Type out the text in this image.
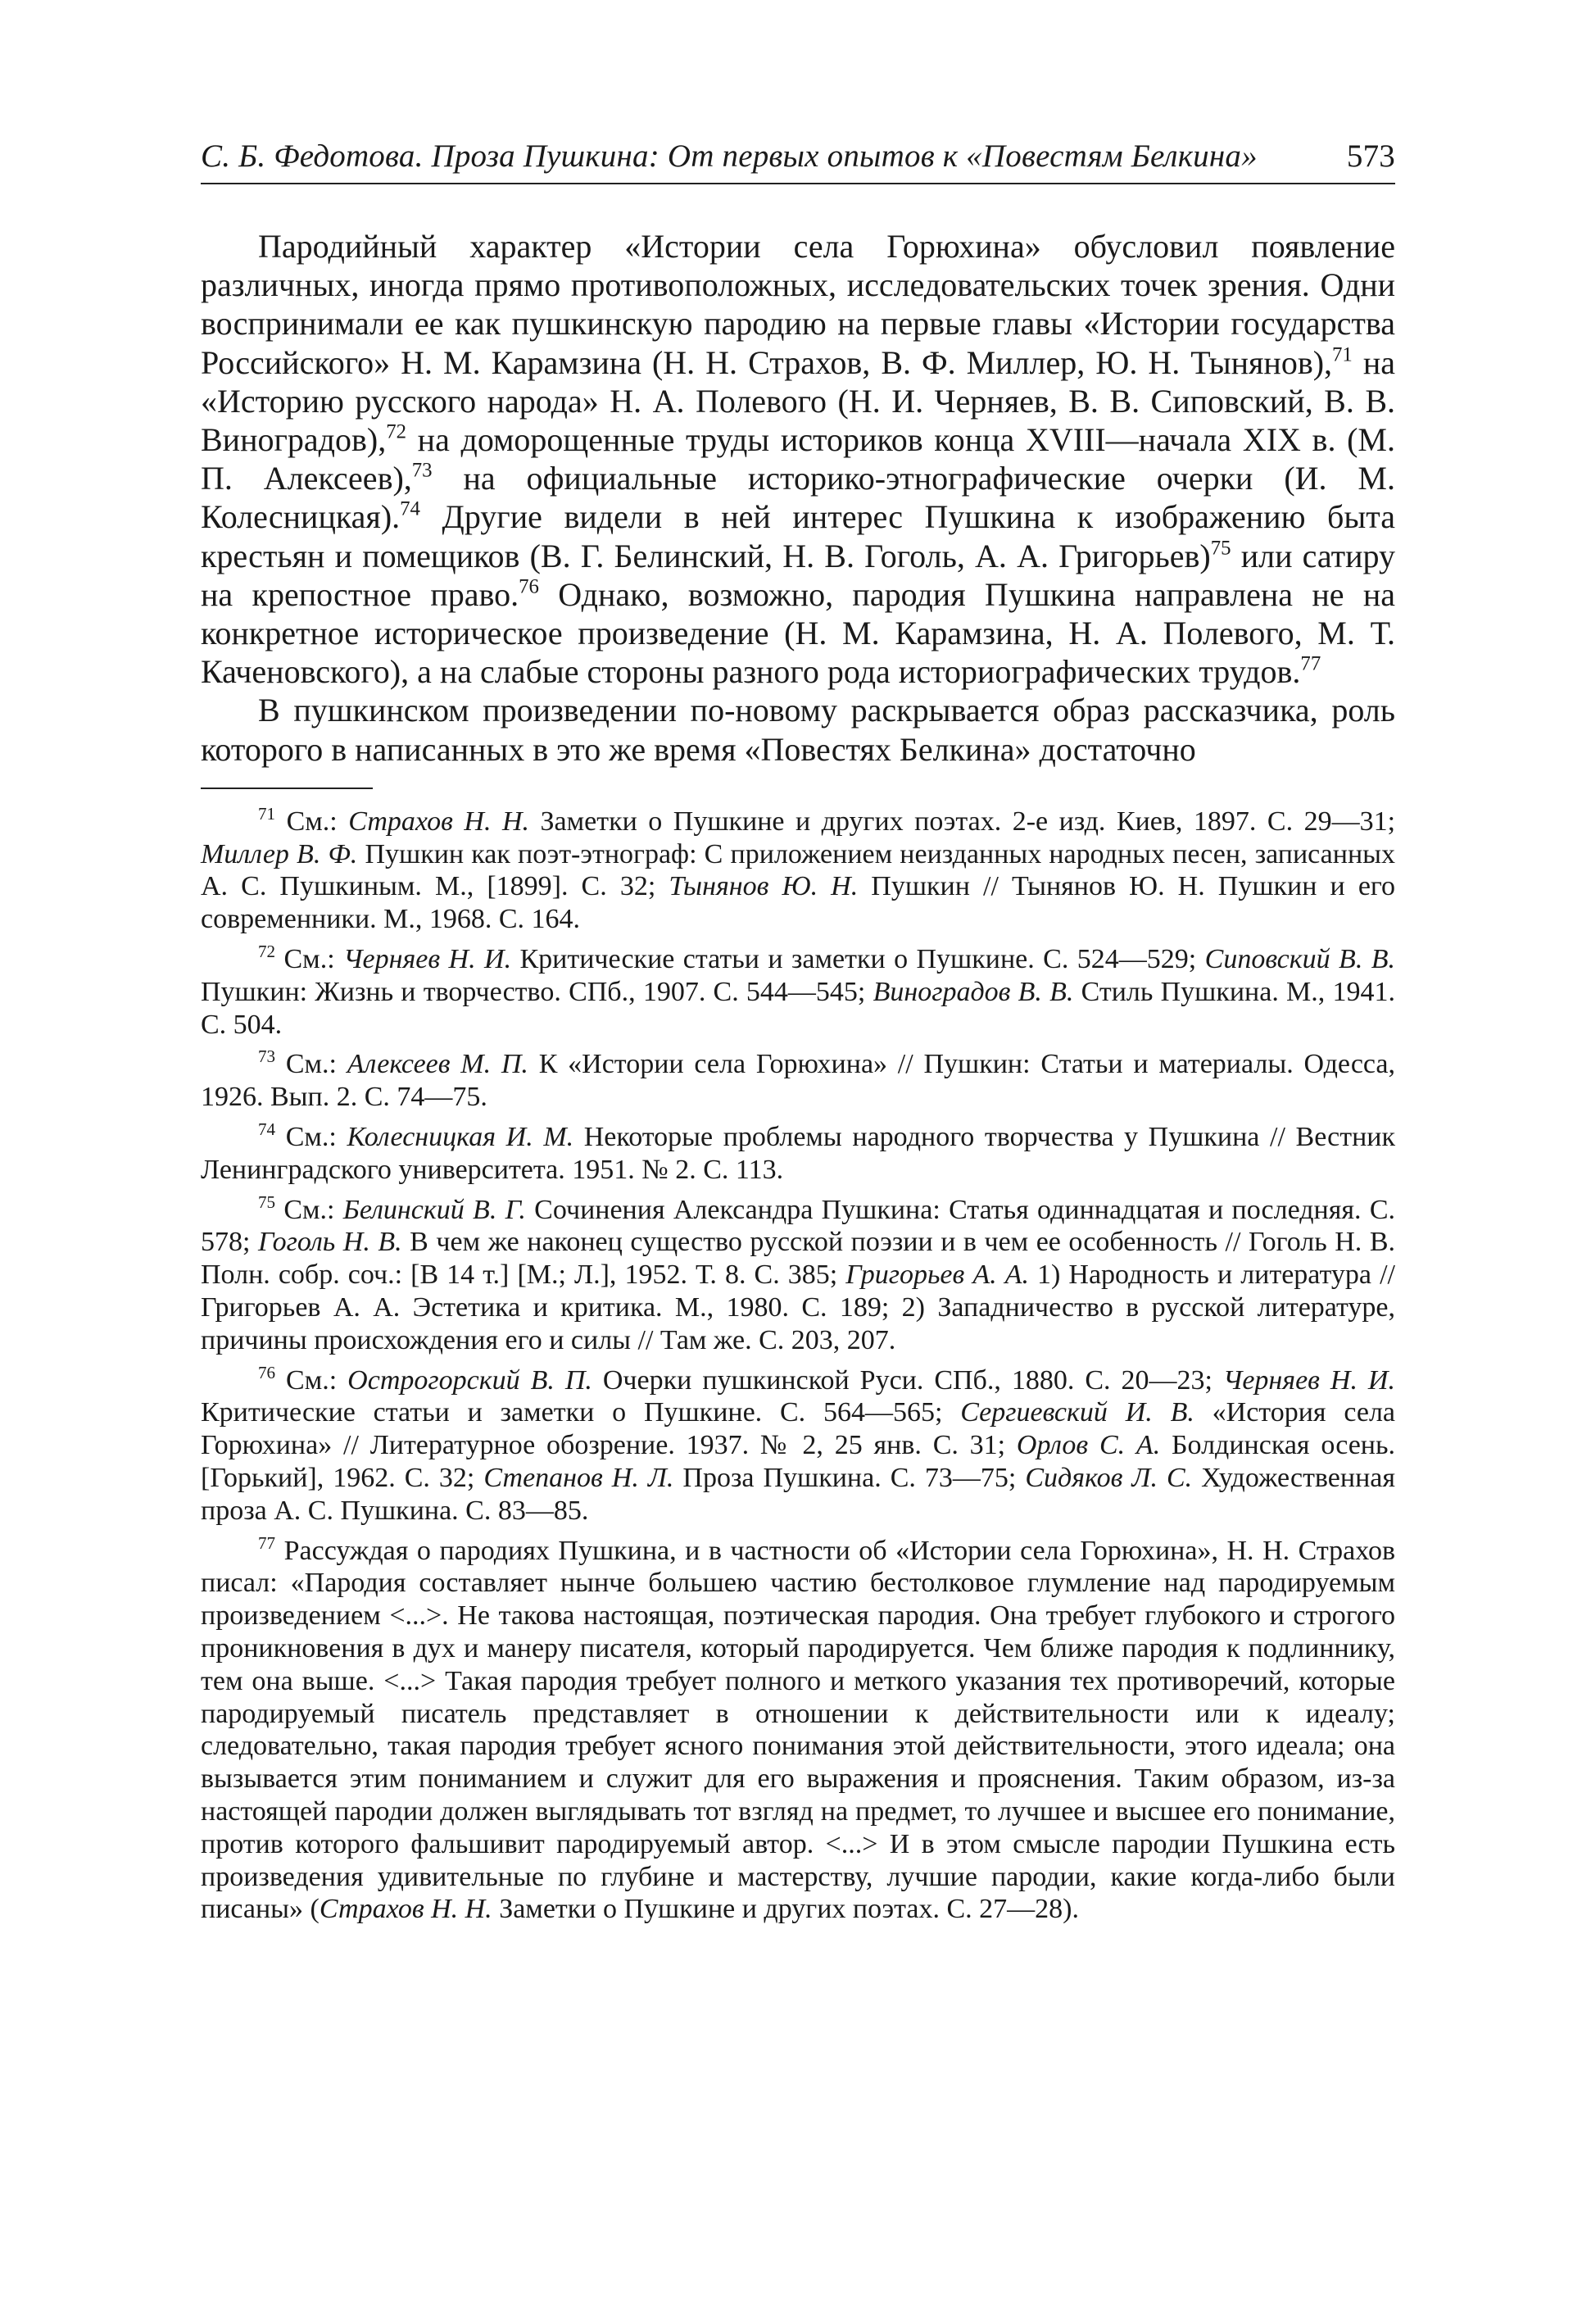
С. Б. Федотова. Проза Пушкина: От первых опытов к «Повестям Белкина»	573

Пародийный характер «Истории села Горюхина» обусловил появление различных, иногда прямо противоположных, исследовательских точек зрения. Одни воспринимали ее как пушкинскую пародию на первые главы «Истории государства Российского» Н. М. Карамзина (Н. Н. Страхов, В. Ф. Миллер, Ю. Н. Тынянов),$^{71}$ на «Историю русского народа» Н. А. Полевого (Н. И. Черняев, В. В. Сиповский, В. В. Виноградов),$^{72}$ на доморощенные труды историков конца XVIII—начала XIX в. (М. П. Алексеев),$^{73}$ на официальные историко-этнографические очерки (И. М. Колесницкая).$^{74}$ Другие видели в ней интерес Пушкина к изображению быта крестьян и помещиков (В. Г. Белинский, Н. В. Гоголь, А. А. Григорьев)$^{75}$ или сатиру на крепостное право.$^{76}$ Однако, возможно, пародия Пушкина направлена не на конкретное историческое произведение (Н. М. Карамзина, Н. А. Полевого, М. Т. Каченовского), а на слабые стороны разного рода историографических трудов.$^{77}$

В пушкинском произведении по-новому раскрывается образ рассказчика, роль которого в написанных в это же время «Повестях Белкина» достаточно

$^{71}$ См.: Страхов Н. Н. Заметки о Пушкине и других поэтах. 2-е изд. Киев, 1897. С. 29—31; Миллер В. Ф. Пушкин как поэт-этнограф: С приложением неизданных народных песен, записанных А. С. Пушкиным. М., [1899]. С. 32; Тынянов Ю. Н. Пушкин // Тынянов Ю. Н. Пушкин и его современники. М., 1968. С. 164.

$^{72}$ См.: Черняев Н. И. Критические статьи и заметки о Пушкине. С. 524—529; Сиповский В. В. Пушкин: Жизнь и творчество. СПб., 1907. С. 544—545; Виноградов В. В. Стиль Пушкина. М., 1941. С. 504.

$^{73}$ См.: Алексеев М. П. К «Истории села Горюхина» // Пушкин: Статьи и материалы. Одесса, 1926. Вып. 2. С. 74—75.

$^{74}$ См.: Колесницкая И. М. Некоторые проблемы народного творчества у Пушкина // Вестник Ленинградского университета. 1951. № 2. С. 113.

$^{75}$ См.: Белинский В. Г. Сочинения Александра Пушкина: Статья одиннадцатая и последняя. С. 578; Гоголь Н. В. В чем же наконец существо русской поэзии и в чем ее особенность // Гоголь Н. В. Полн. собр. соч.: [В 14 т.] [М.; Л.], 1952. Т. 8. С. 385; Григорьев А. А. 1) Народность и литература // Григорьев А. А. Эстетика и критика. М., 1980. С. 189; 2) Западничество в русской литературе, причины происхождения его и силы // Там же. С. 203, 207.

$^{76}$ См.: Острогорский В. П. Очерки пушкинской Руси. СПб., 1880. С. 20—23; Черняев Н. И. Критические статьи и заметки о Пушкине. С. 564—565; Сергиевский И. В. «История села Горюхина» // Литературное обозрение. 1937. № 2, 25 янв. С. 31; Орлов С. А. Болдинская осень. [Горький], 1962. С. 32; Степанов Н. Л. Проза Пушкина. С. 73—75; Сидяков Л. С. Художественная проза А. С. Пушкина. С. 83—85.

$^{77}$ Рассуждая о пародиях Пушкина, и в частности об «Истории села Горюхина», Н. Н. Страхов писал: «Пародия составляет нынче большею частию бестолковое глумление над пародируемым произведением <...>. Не такова настоящая, поэтическая пародия. Она требует глубокого и строгого проникновения в дух и манеру писателя, который пародируется. Чем ближе пародия к подлиннику, тем она выше. <...> Такая пародия требует полного и меткого указания тех противоречий, которые пародируемый писатель представляет в отношении к действительности или к идеалу; следовательно, такая пародия требует ясного понимания этой действительности, этого идеала; она вызывается этим пониманием и служит для его выражения и прояснения. Таким образом, из-за настоящей пародии должен выглядывать тот взгляд на предмет, то лучшее и высшее его понимание, против которого фальшивит пародируемый автор. <...> И в этом смысле пародии Пушкина есть произведения удивительные по глубине и мастерству, лучшие пародии, какие когда-либо были писаны» (Страхов Н. Н. Заметки о Пушкине и других поэтах. С. 27—28).
